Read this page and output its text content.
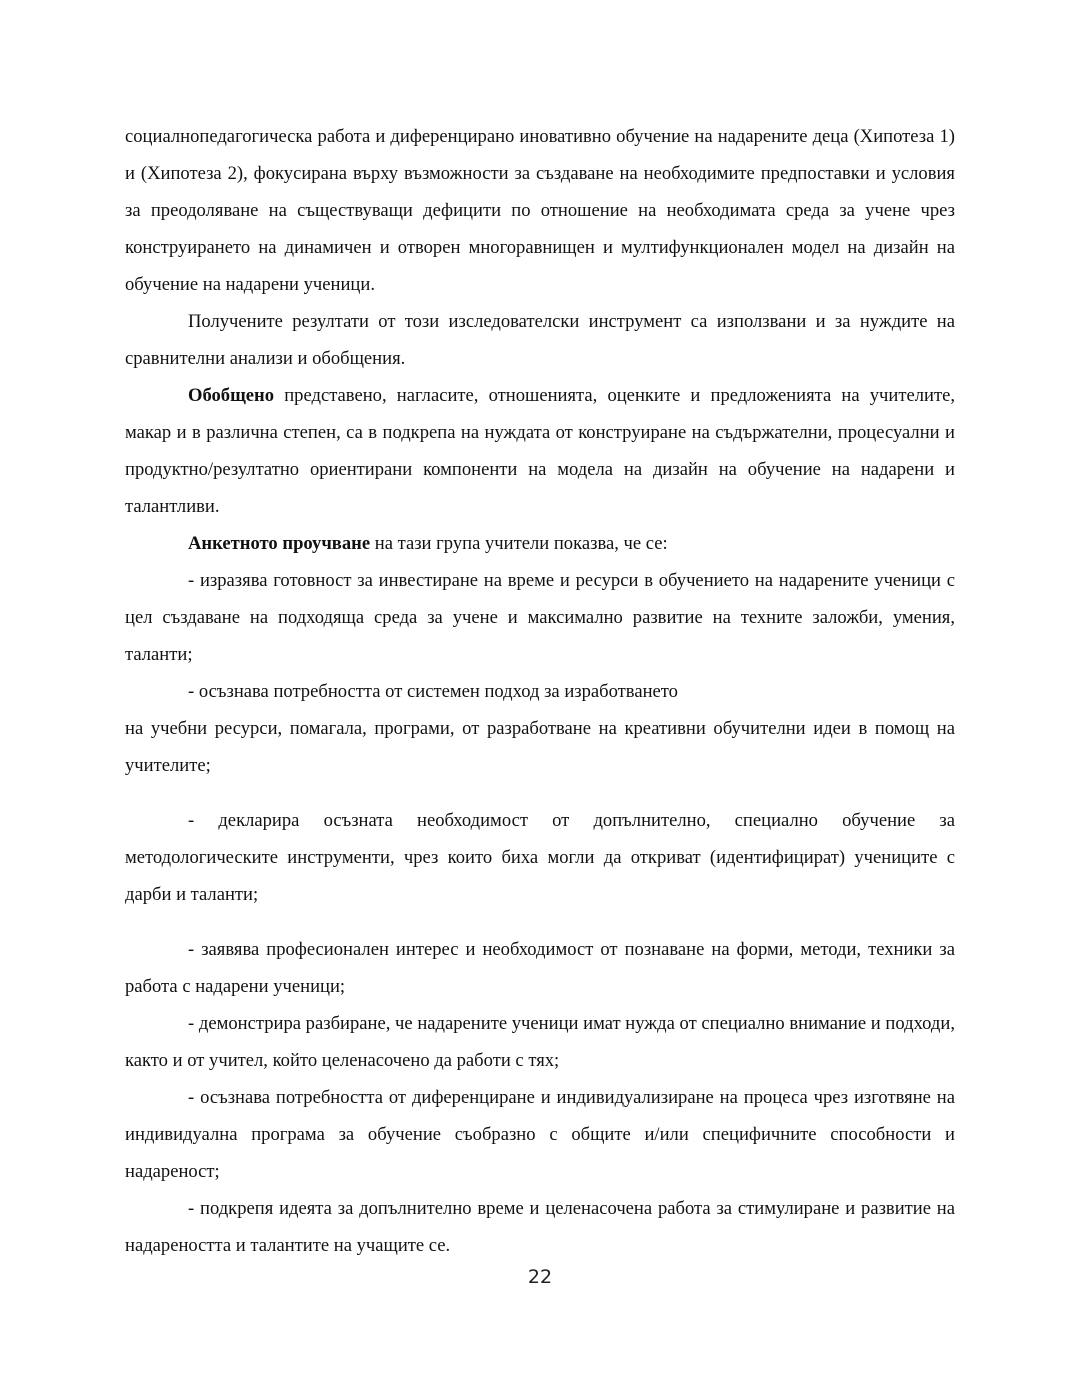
социалнопедагогическа работа и диференцирано иновативно обучение на надарените деца (Хипотеза 1) и (Хипотеза 2), фокусирана върху възможности за създаване на необходимите предпоставки и условия за преодоляване на съществуващи дефицити по отношение на необходимата среда за учене чрез конструирането на динамичен и отворен многоравнищен и мултифункционален модел на дизайн на обучение на надарени ученици.

Получените резултати от този изследователски инструмент са използвани и за нуждите на сравнителни анализи и обобщения.

Обобщено представено, нагласите, отношенията, оценките и предложенията на учителите, макар и в различна степен, са в подкрепа на нуждата от конструиране на съдържателни, процесуални и продуктно/резултатно ориентирани компоненти на модела на дизайн на обучение на надарени и талантливи.

Анкетното проучване на тази група учители показва, че се:

- изразява готовност за инвестиране на време и ресурси в обучението на надарените ученици с цел създаване на подходяща среда за учене и максимално развитие на техните заложби, умения, таланти;

- осъзнава потребността от системен подход за изработването

на учебни ресурси, помагала, програми, от разработване на креативни обучителни идеи в помощ на учителите;

- декларира осъзната необходимост от допълнително, специално обучение за методологическите инструменти, чрез които биха могли да откриват (идентифицират) учениците с дарби и таланти;

- заявява професионален интерес и необходимост от познаване на форми, методи, техники за работа с надарени ученици;

- демонстрира разбиране, че надарените ученици имат нужда от специално внимание и подходи, както и от учител, който целенасочено да работи с тях;

- осъзнава потребността от диференциране и индивидуализиране на процеса чрез изготвяне на индивидуална програма за обучение съобразно с общите и/или специфичните способности и надареност;

- подкрепя идеята за допълнително време и целенасочена работа за стимулиране и развитие на надареността и талантите на учащите се.

22
